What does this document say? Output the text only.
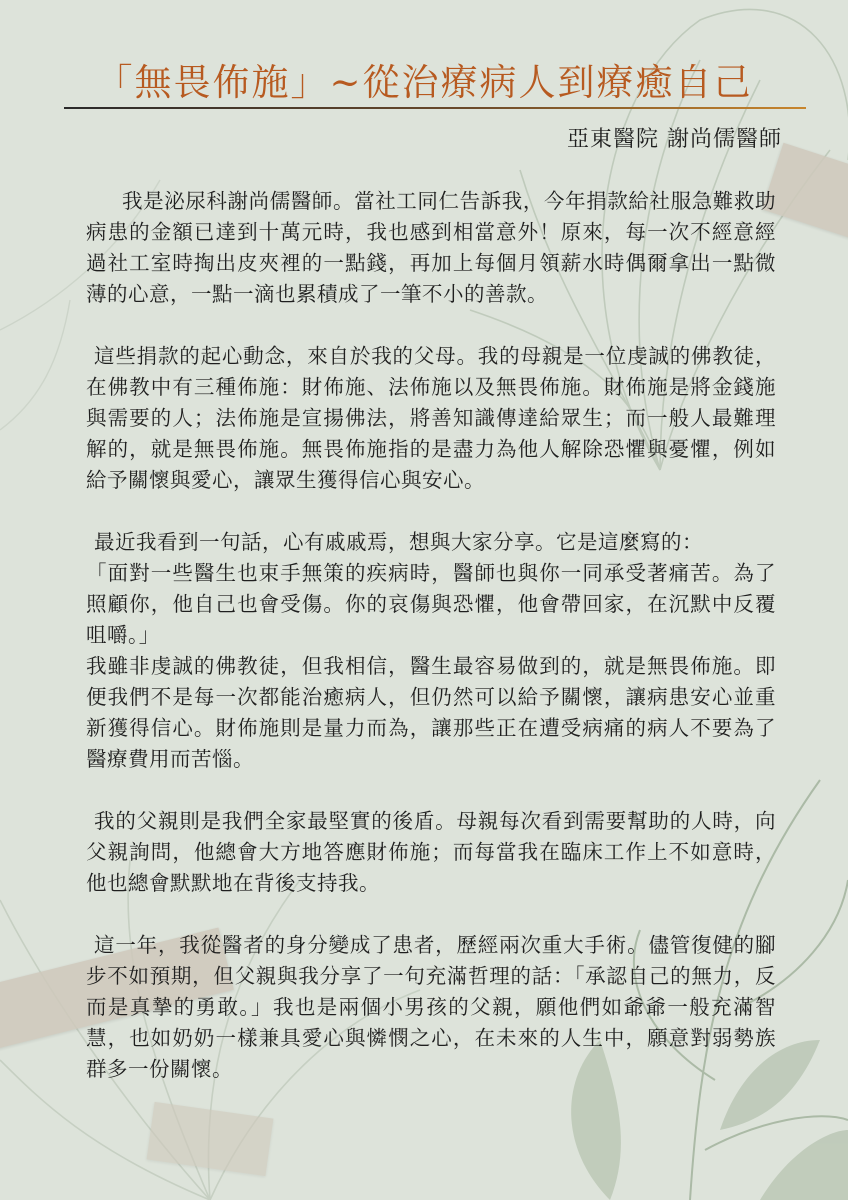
「無畏佈施」~從治療病人到療癒自己
亞東醫院 謝尚儒醫師

我是泌尿科謝尚儒醫師。當社工同仁告訴我，今年捐款給社服急難救助病患的金額已達到十萬元時，我也感到相當意外！原來，每一次不經意經過社工室時掏出皮夾裡的一點錢，再加上每個月領薪水時偶爾拿出一點微薄的心意，一點一滴也累積成了一筆不小的善款。

這些捐款的起心動念，來自於我的父母。我的母親是一位虔誠的佛教徒，在佛教中有三種佈施：財佈施、法佈施以及無畏佈施。財佈施是將金錢施與需要的人；法佈施是宣揚佛法，將善知識傳達給眾生；而一般人最難理解的，就是無畏佈施。無畏佈施指的是盡力為他人解除恐懼與憂懼，例如給予關懷與愛心，讓眾生獲得信心與安心。

最近我看到一句話，心有戚戚焉，想與大家分享。它是這麼寫的：

「面對一些醫生也束手無策的疾病時，醫師也與你一同承受著痛苦。為了照顧你，他自己也會受傷。你的哀傷與恐懼，他會帶回家，在沉默中反覆咀嚼。」

我雖非虔誠的佛教徒，但我相信，醫生最容易做到的，就是無畏佈施。即便我們不是每一次都能治癒病人，但仍然可以給予關懷，讓病患安心並重新獲得信心。財佈施則是量力而為，讓那些正在遭受病痛的病人不要為了醫療費用而苦惱。

我的父親則是我們全家最堅實的後盾。母親每次看到需要幫助的人時，向父親詢問，他總會大方地答應財佈施；而每當我在臨床工作上不如意時，他也總會默默地在背後支持我。

這一年，我從醫者的身分變成了患者，歷經兩次重大手術。儘管復健的腳步不如預期，但父親與我分享了一句充滿哲理的話：「承認自己的無力，反而是真摯的勇敢。」我也是兩個小男孩的父親，願他們如爺爺一般充滿智慧，也如奶奶一樣兼具愛心與憐憫之心，在未來的人生中，願意對弱勢族群多一份關懷。
